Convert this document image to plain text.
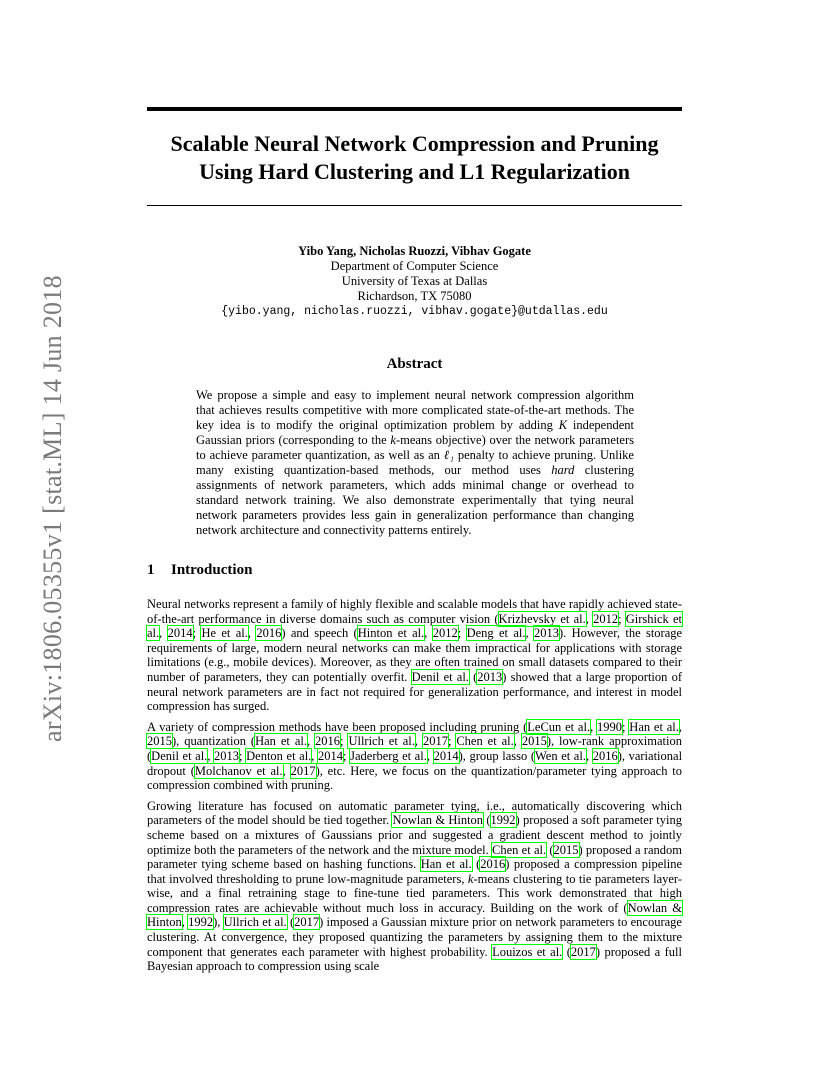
arXiv:1806.05355v1 [stat.ML] 14 Jun 2018
Scalable Neural Network Compression and Pruning
Using Hard Clustering and L1 Regularization
Yibo Yang, Nicholas Ruozzi, Vibhav Gogate
Department of Computer Science
University of Texas at Dallas
Richardson, TX 75080
{yibo.yang, nicholas.ruozzi, vibhav.gogate}@utdallas.edu
Abstract
We propose a simple and easy to implement neural network compression algorithm that achieves results competitive with more complicated state-of-the-art methods. The key idea is to modify the original optimization problem by adding K independent Gaussian priors (corresponding to the k-means objective) over the network parameters to achieve parameter quantization, as well as an ℓ₁ penalty to achieve pruning. Unlike many existing quantization-based methods, our method uses hard clustering assignments of network parameters, which adds minimal change or overhead to standard network training. We also demonstrate experimentally that tying neural network parameters provides less gain in generalization performance than changing network architecture and connectivity patterns entirely.
1 Introduction

Neural networks represent a family of highly flexible and scalable models that have rapidly achieved state-of-the-art performance in diverse domains such as computer vision (Krizhevsky et al., 2012; Girshick et al., 2014; He et al., 2016) and speech (Hinton et al., 2012; Deng et al., 2013). However, the storage requirements of large, modern neural networks can make them impractical for applications with storage limitations (e.g., mobile devices). Moreover, as they are often trained on small datasets compared to their number of parameters, they can potentially overfit. Denil et al. (2013) showed that a large proportion of neural network parameters are in fact not required for generalization performance, and interest in model compression has surged.

A variety of compression methods have been proposed including pruning (LeCun et al., 1990; Han et al., 2015), quantization (Han et al., 2016; Ullrich et al., 2017; Chen et al., 2015), low-rank approximation (Denil et al., 2013; Denton et al., 2014; Jaderberg et al., 2014), group lasso (Wen et al., 2016), variational dropout (Molchanov et al., 2017), etc. Here, we focus on the quantization/parameter tying approach to compression combined with pruning.

Growing literature has focused on automatic parameter tying, i.e., automatically discovering which parameters of the model should be tied together. Nowlan & Hinton (1992) proposed a soft parameter tying scheme based on a mixtures of Gaussians prior and suggested a gradient descent method to jointly optimize both the parameters of the network and the mixture model. Chen et al. (2015) proposed a random parameter tying scheme based on hashing functions. Han et al. (2016) proposed a compression pipeline that involved thresholding to prune low-magnitude parameters, k-means clustering to tie parameters layer-wise, and a final retraining stage to fine-tune tied parameters. This work demonstrated that high compression rates are achievable without much loss in accuracy. Building on the work of (Nowlan & Hinton, 1992), Ullrich et al. (2017) imposed a Gaussian mixture prior on network parameters to encourage clustering. At convergence, they proposed quantizing the parameters by assigning them to the mixture component that generates each parameter with highest probability. Louizos et al. (2017) proposed a full Bayesian approach to compression using scale
